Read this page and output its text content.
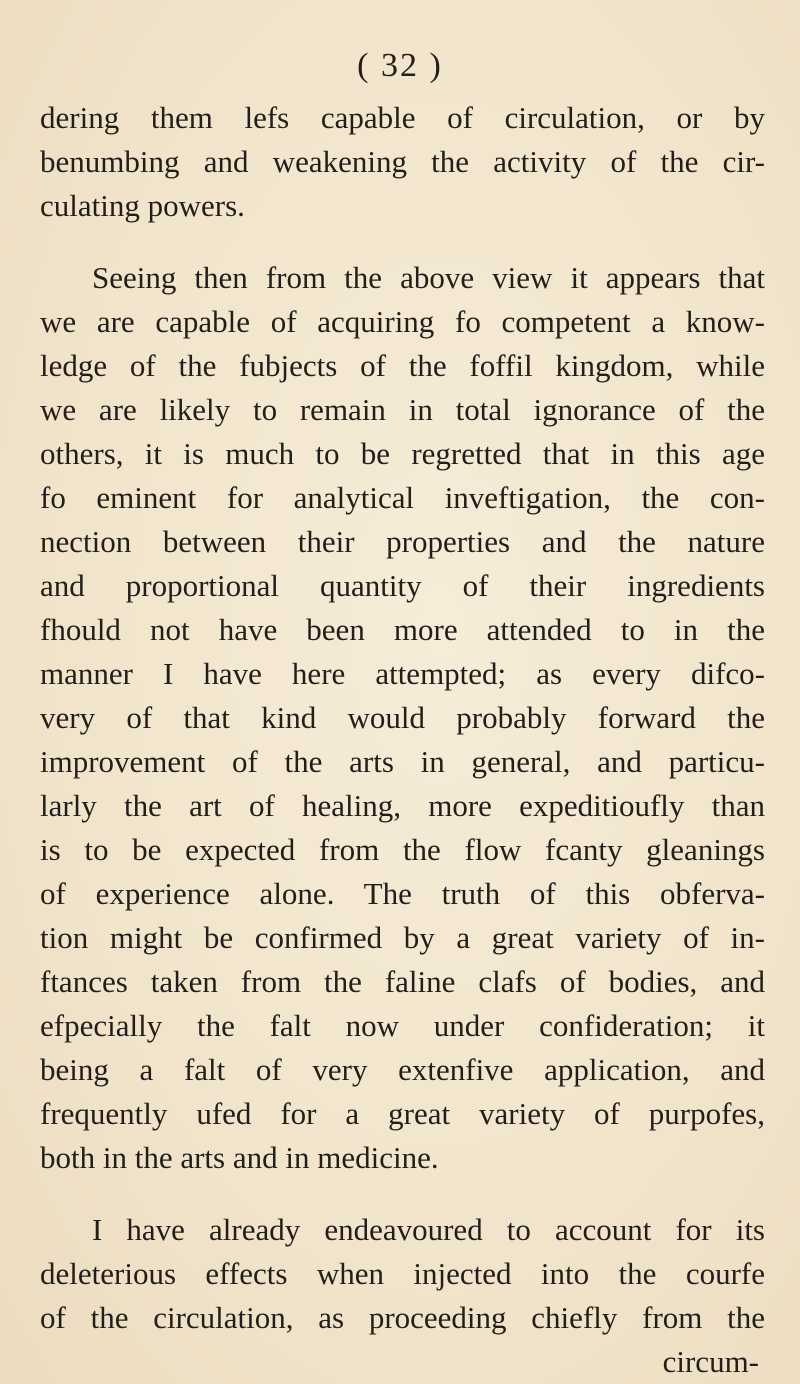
( 32 )
dering them lefs capable of circulation, or by
benumbing and weakening the activity of the cir-
culating powers.
Seeing then from the above view it appears that
we are capable of acquiring fo competent a know-
ledge of the fubjects of the foffil kingdom, while
we are likely to remain in total ignorance of the
others, it is much to be regretted that in this age
fo eminent for analytical inveftigation, the con-
nection between their properties and the nature
and proportional quantity of their ingredients
fhould not have been more attended to in the
manner I have here attempted; as every difco-
very of that kind would probably forward the
improvement of the arts in general, and particu-
larly the art of healing, more expeditioufly than
is to be expected from the flow fcanty gleanings
of experience alone. The truth of this obferva-
tion might be confirmed by a great variety of in-
ftances taken from the faline clafs of bodies, and
efpecially the falt now under confideration; it
being a falt of very extenfive application, and
frequently ufed for a great variety of purpofes,
both in the arts and in medicine.
I have already endeavoured to account for its
deleterious effects when injected into the courfe
of the circulation, as proceeding chiefly from the
circum-
